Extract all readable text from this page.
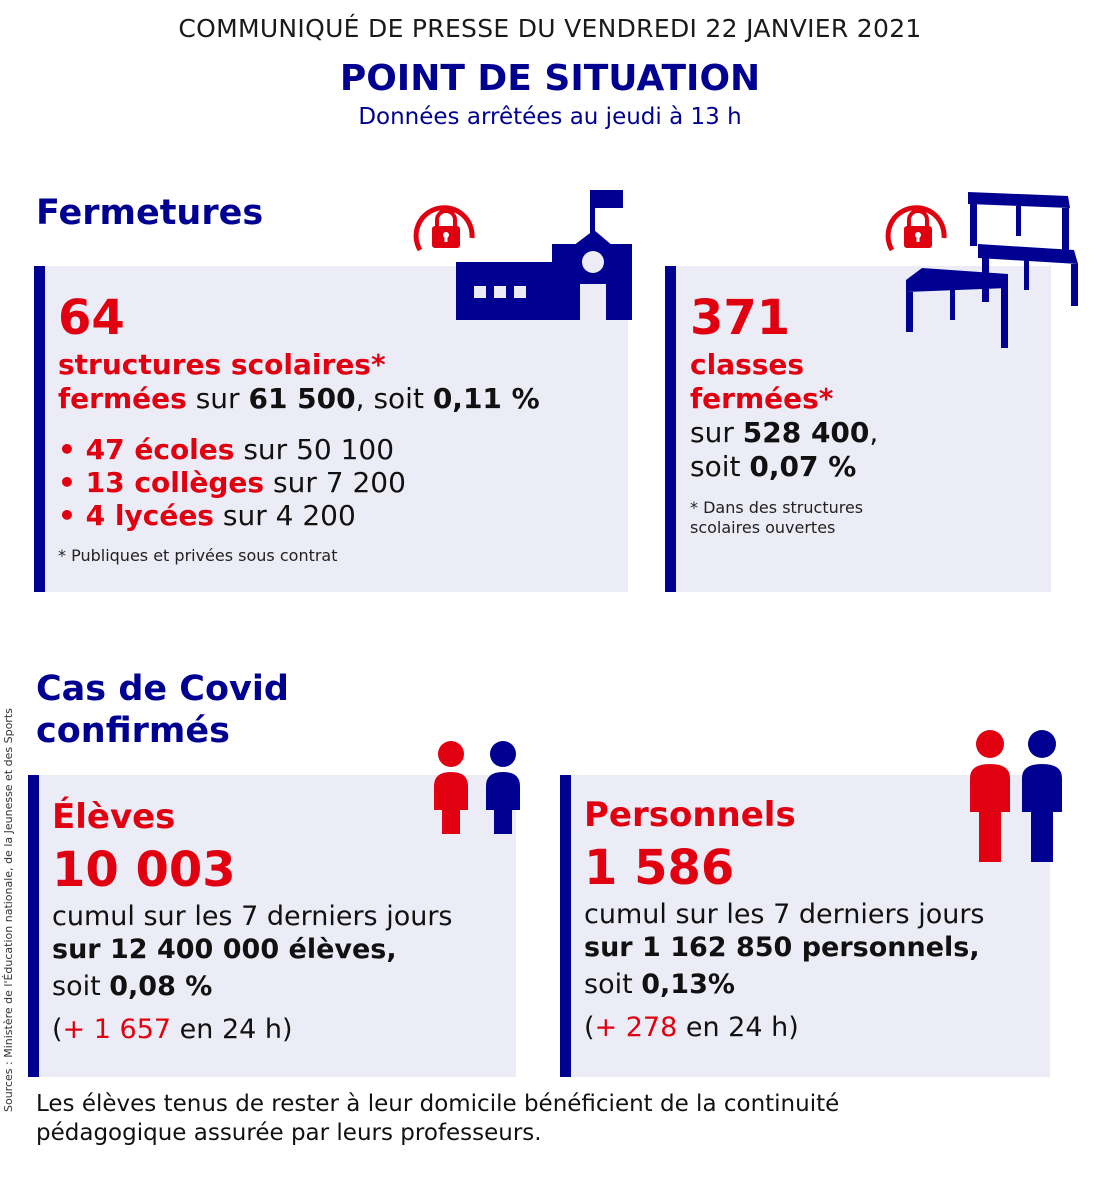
COMMUNIQUÉ DE PRESSE DU VENDREDI 22 JANVIER 2021
POINT DE SITUATION
Données arrêtées au jeudi à 13 h
Fermetures
64
structures scolaires*
fermées sur 61 500, soit 0,11 %
• 47 écoles sur 50 100
• 13 collèges sur 7 200
• 4 lycées sur 4 200
* Publiques et privées sous contrat
371
classes
fermées*
sur 528 400,
soit 0,07 %
* Dans des structures
scolaires ouvertes
Cas de Covid
confirmés
Élèves
10 003
cumul sur les 7 derniers jours
sur 12 400 000 élèves,
soit 0,08 %
(+ 1 657 en 24 h)
Personnels
1 586
cumul sur les 7 derniers jours
sur 1 162 850 personnels,
soit 0,13%
(+ 278 en 24 h)
Sources : Ministère de l'Éducation nationale, de la Jeunesse et des Sports Les élèves tenus de rester à leur domicile bénéficient de la continuité pédagogique assurée par leurs professeurs.
